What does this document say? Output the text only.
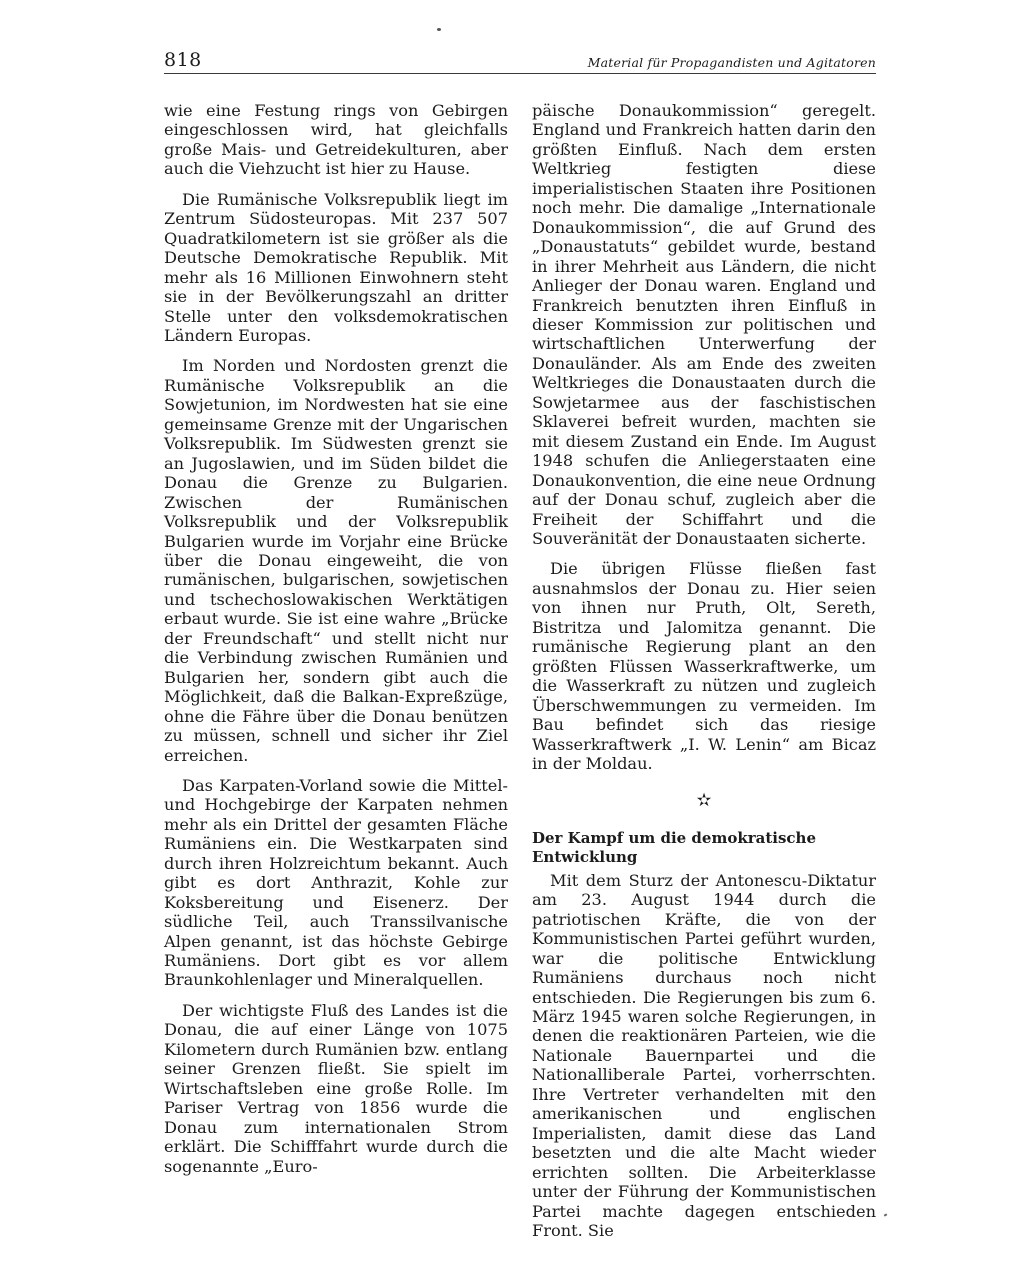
818	Material für Propagandisten und Agitatoren

wie eine Festung rings von Gebirgen eingeschlossen wird, hat gleichfalls große Mais- und Getreidekulturen, aber auch die Viehzucht ist hier zu Hause.

Die Rumänische Volksrepublik liegt im Zentrum Südosteuropas. Mit 237 507 Quadratkilometern ist sie größer als die Deutsche Demokratische Republik. Mit mehr als 16 Millionen Einwohnern steht sie in der Bevölkerungszahl an dritter Stelle unter den volksdemokratischen Ländern Europas.

Im Norden und Nordosten grenzt die Rumänische Volksrepublik an die Sowjetunion, im Nordwesten hat sie eine gemeinsame Grenze mit der Ungarischen Volksrepublik. Im Südwesten grenzt sie an Jugoslawien, und im Süden bildet die Donau die Grenze zu Bulgarien. Zwischen der Rumänischen Volksrepublik und der Volksrepublik Bulgarien wurde im Vorjahr eine Brücke über die Donau eingeweiht, die von rumänischen, bulgarischen, sowjetischen und tschechoslowakischen Werktätigen erbaut wurde. Sie ist eine wahre „Brücke der Freundschaft“ und stellt nicht nur die Verbindung zwischen Rumänien und Bulgarien her, sondern gibt auch die Möglichkeit, daß die Balkan-Expreßzüge, ohne die Fähre über die Donau benützen zu müssen, schnell und sicher ihr Ziel erreichen.

Das Karpaten-Vorland sowie die Mittel- und Hochgebirge der Karpaten nehmen mehr als ein Drittel der gesamten Fläche Rumäniens ein. Die Westkarpaten sind durch ihren Holzreichtum bekannt. Auch gibt es dort Anthrazit, Kohle zur Koksbereitung und Eisenerz. Der südliche Teil, auch Transsilvanische Alpen genannt, ist das höchste Gebirge Rumäniens. Dort gibt es vor allem Braunkohlenlager und Mineralquellen.

Der wichtigste Fluß des Landes ist die Donau, die auf einer Länge von 1075 Kilometern durch Rumänien bzw. entlang seiner Grenzen fließt. Sie spielt im Wirtschaftsleben eine große Rolle. Im Pariser Vertrag von 1856 wurde die Donau zum internationalen Strom erklärt. Die Schifffahrt wurde durch die sogenannte „Euro-

päische Donaukommission“ geregelt. England und Frankreich hatten darin den größten Einfluß. Nach dem ersten Weltkrieg festigten diese imperialistischen Staaten ihre Positionen noch mehr. Die damalige „Internationale Donaukommission“, die auf Grund des „Donaustatuts“ gebildet wurde, bestand in ihrer Mehrheit aus Ländern, die nicht Anlieger der Donau waren. England und Frankreich benutzten ihren Einfluß in dieser Kommission zur politischen und wirtschaftlichen Unterwerfung der Donauländer. Als am Ende des zweiten Weltkrieges die Donaustaaten durch die Sowjetarmee aus der faschistischen Sklaverei befreit wurden, machten sie mit diesem Zustand ein Ende. Im August 1948 schufen die Anliegerstaaten eine Donaukonvention, die eine neue Ordnung auf der Donau schuf, zugleich aber die Freiheit der Schiffahrt und die Souveränität der Donaustaaten sicherte.

Die übrigen Flüsse fließen fast ausnahmslos der Donau zu. Hier seien von ihnen nur Pruth, Olt, Sereth, Bistritza und Jalomitza genannt. Die rumänische Regierung plant an den größten Flüssen Wasserkraftwerke, um die Wasserkraft zu nützen und zugleich Überschwemmungen zu vermeiden. Im Bau befindet sich das riesige Wasserkraftwerk „I. W. Lenin“ am Bicaz in der Moldau.

✫
Der Kampf um die demokratische Entwicklung

Mit dem Sturz der Antonescu-Diktatur am 23. August 1944 durch die patriotischen Kräfte, die von der Kommunistischen Partei geführt wurden, war die politische Entwicklung Rumäniens durchaus noch nicht entschieden. Die Regierungen bis zum 6. März 1945 waren solche Regierungen, in denen die reaktionären Parteien, wie die Nationale Bauernpartei und die Nationalliberale Partei, vorherrschten. Ihre Vertreter verhandelten mit den amerikanischen und englischen Imperialisten, damit diese das Land besetzten und die alte Macht wieder errichten sollten. Die Arbeiterklasse unter der Führung der Kommunistischen Partei machte dagegen entschieden Front. Sie
